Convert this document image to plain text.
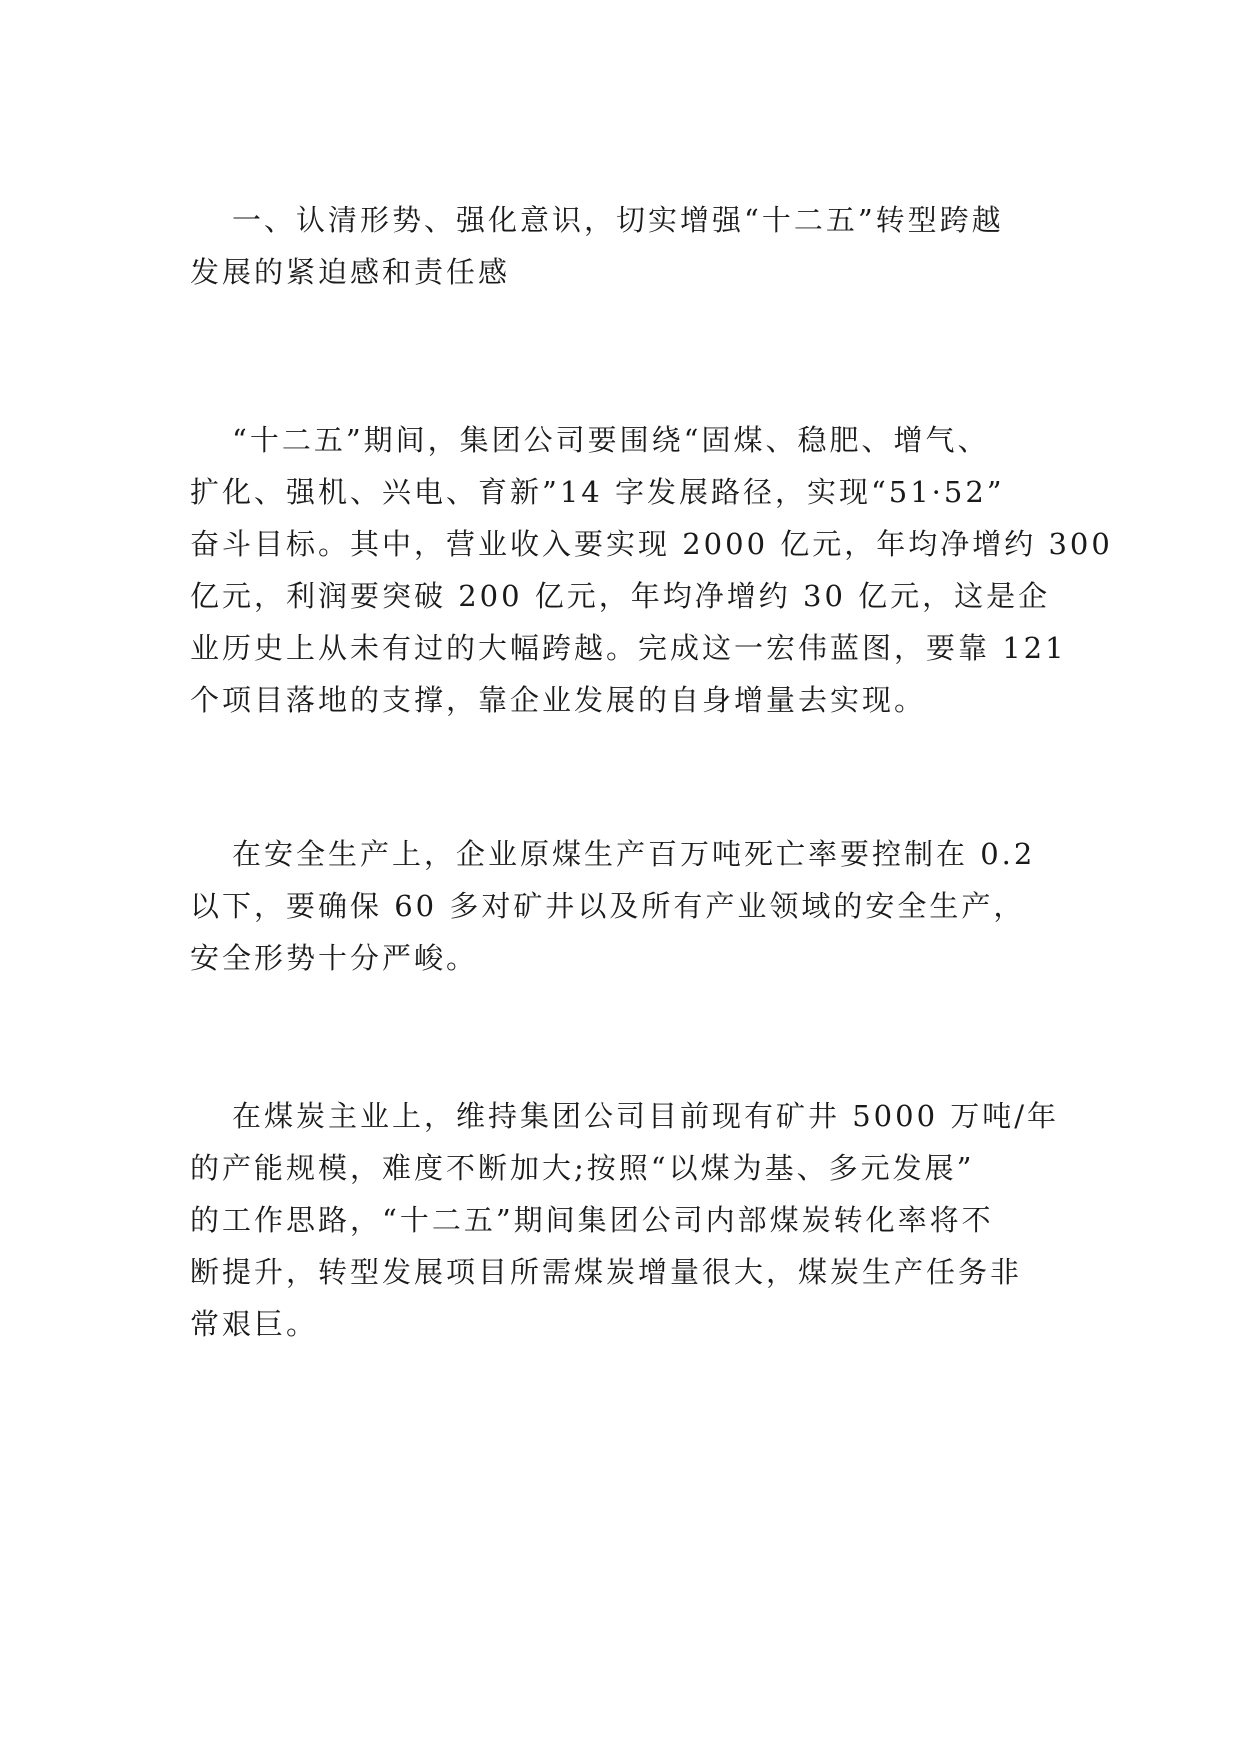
一、认清形势、强化意识，切实增强“十二五”转型跨越
发展的紧迫感和责任感
“十二五”期间，集团公司要围绕“固煤、稳肥、增气、
扩化、强机、兴电、育新”14 字发展路径，实现“51·52”
奋斗目标。其中，营业收入要实现 2000 亿元，年均净增约 300
亿元，利润要突破 200 亿元，年均净增约 30 亿元，这是企
业历史上从未有过的大幅跨越。完成这一宏伟蓝图，要靠 121
个项目落地的支撑，靠企业发展的自身增量去实现。
在安全生产上，企业原煤生产百万吨死亡率要控制在 0.2
以下，要确保 60 多对矿井以及所有产业领域的安全生产，
安全形势十分严峻。
在煤炭主业上，维持集团公司目前现有矿井 5000 万吨/年
的产能规模，难度不断加大;按照“以煤为基、多元发展”
的工作思路，“十二五”期间集团公司内部煤炭转化率将不
断提升，转型发展项目所需煤炭增量很大，煤炭生产任务非
常艰巨。
